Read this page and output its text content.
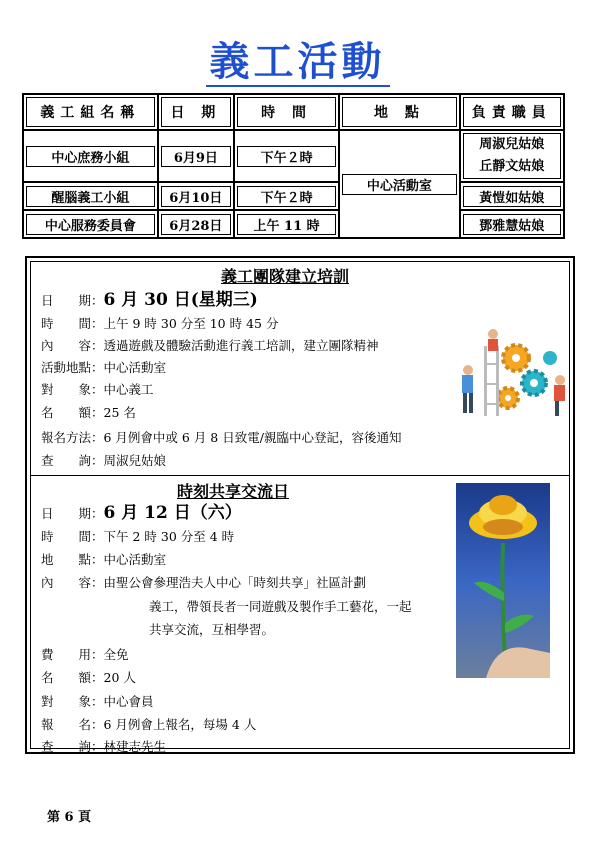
義工活動
義工組名稱	日 期	時 間	地 點	負責職員

中心庶務小組	6月9日	下午２時	中心活動室	周淑兒姑娘
丘靜文姑娘

醒腦義工小組	6月10日	下午２時		黃愷如姑娘

中心服務委員會	6月28日	上午 11 時		鄧雅慧姑娘
義工團隊建立培訓
日　　期：6 月 30 日(星期三)
時　　間：上午 9 時 30 分至 10 時 45 分
內　　容：透過遊戲及體驗活動進行義工培訓，建立團隊精神
活動地點：中心活動室
對　　象：中心義工
名　　額：25 名
報名方法：6 月例會中或 6 月 8 日致電/親臨中心登記，容後通知
查　　詢：周淑兒姑娘
時刻共享交流日
日　　期：6 月 12 日（六）
時　　間：下午 2 時 30 分至 4 時
地　　點：中心活動室
內　　容：由聖公會參理浩夫人中心「時刻共享」社區計劃
義工，帶領長者一同遊戲及製作手工藝花，一起
共享交流，互相學習。
費　　用：全免
名　　額：20 人
對　　象：中心會員
報　　名：6 月例會上報名，每場 4 人
查　　詢：林建志先生
第 6 頁
